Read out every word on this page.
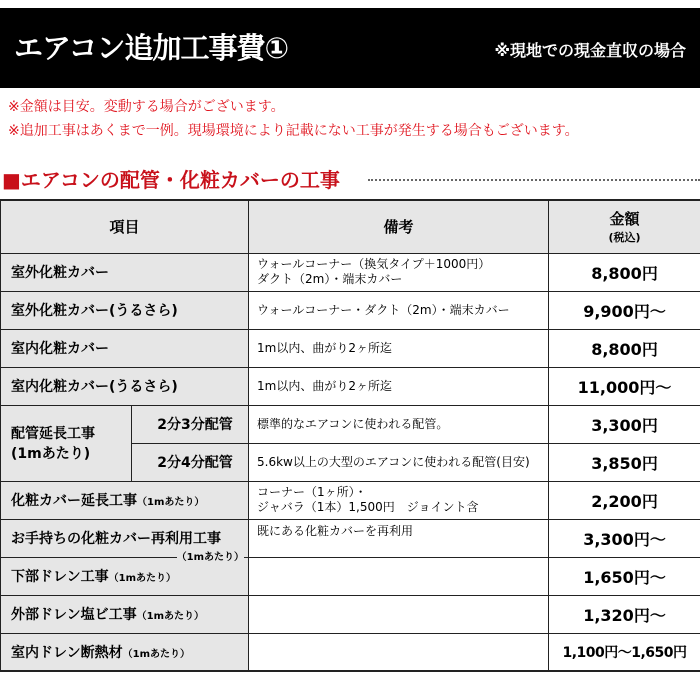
エアコン追加工事費①	※現地での現金直収の場合
※金額は目安。変動する場合がございます。
※追加工事はあくまで一例。現場環境により記載にない工事が発生する場合もございます。
■エアコンの配管・化粧カバーの工事
項目		備考	金額
(税込)

室外化粧カバー		ウォールコーナー（換気タイプ＋1000円）
ダクト（2m）・端末カバー	8,800円
室外化粧カバー(うるさら)		ウォールコーナー・ダクト（2m）・端末カバー	9,900円～
室内化粧カバー		1m以内、曲がり2ヶ所迄	8,800円
室内化粧カバー(うるさら)		1m以内、曲がり2ヶ所迄	11,000円～

配管延長工事
(1mあたり)	2分3分配管	標準的なエアコンに使われる配管。	3,300円
	2分4分配管	5.6kw以上の大型のエアコンに使われる配管(目安)	3,850円
化粧カバー延長工事（1mあたり）		コーナー（1ヶ所）・
ジャバラ（1本）1,500円　ジョイント含	2,200円
お手持ちの化粧カバー再利用工事
（1mあたり）		既にある化粧カバーを再利用	3,300円～
下部ドレン工事（1mあたり）			1,650円～
外部ドレン塩ビ工事（1mあたり）			1,320円～
室内ドレン断熱材（1mあたり）			1,100円～1,650円
